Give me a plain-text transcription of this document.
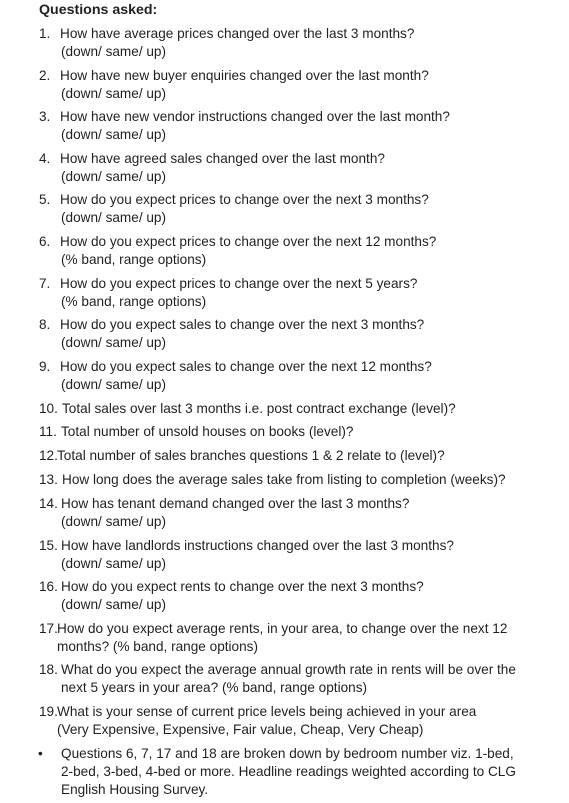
Questions asked:
1. How have average prices changed over the last 3 months?
(down/ same/ up)
2. How have new buyer enquiries changed over the last month?
(down/ same/ up)
3. How have new vendor instructions changed over the last month?
(down/ same/ up)
4. How have agreed sales changed over the last month?
(down/ same/ up)
5. How do you expect prices to change over the next 3 months?
(down/ same/ up)
6. How do you expect prices to change over the next 12 months?
(% band, range options)
7. How do you expect prices to change over the next 5 years?
(% band, range options)
8. How do you expect sales to change over the next 3 months?
(down/ same/ up)
9. How do you expect sales to change over the next 12 months?
(down/ same/ up)
10. Total sales over last 3 months i.e. post contract exchange (level)?
11. Total number of unsold houses on books (level)?
12. Total number of sales branches questions 1 & 2 relate to (level)?
13. How long does the average sales take from listing to completion (weeks)?
14. How has tenant demand changed over the last 3 months?
(down/ same/ up)
15. How have landlords instructions changed over the last 3 months?
(down/ same/ up)
16. How do you expect rents to change over the next 3 months?
(down/ same/ up)
17. How do you expect average rents, in your area, to change over the next 12
months? (% band, range options)
18. What do you expect the average annual growth rate in rents will be over the
next 5 years in your area? (% band, range options)
19. What is your sense of current price levels being achieved in your area
(Very Expensive, Expensive, Fair value, Cheap, Very Cheap)
• Questions 6, 7, 17 and 18 are broken down by bedroom number viz. 1-bed,
2-bed, 3-bed, 4-bed or more. Headline readings weighted according to CLG
English Housing Survey.
